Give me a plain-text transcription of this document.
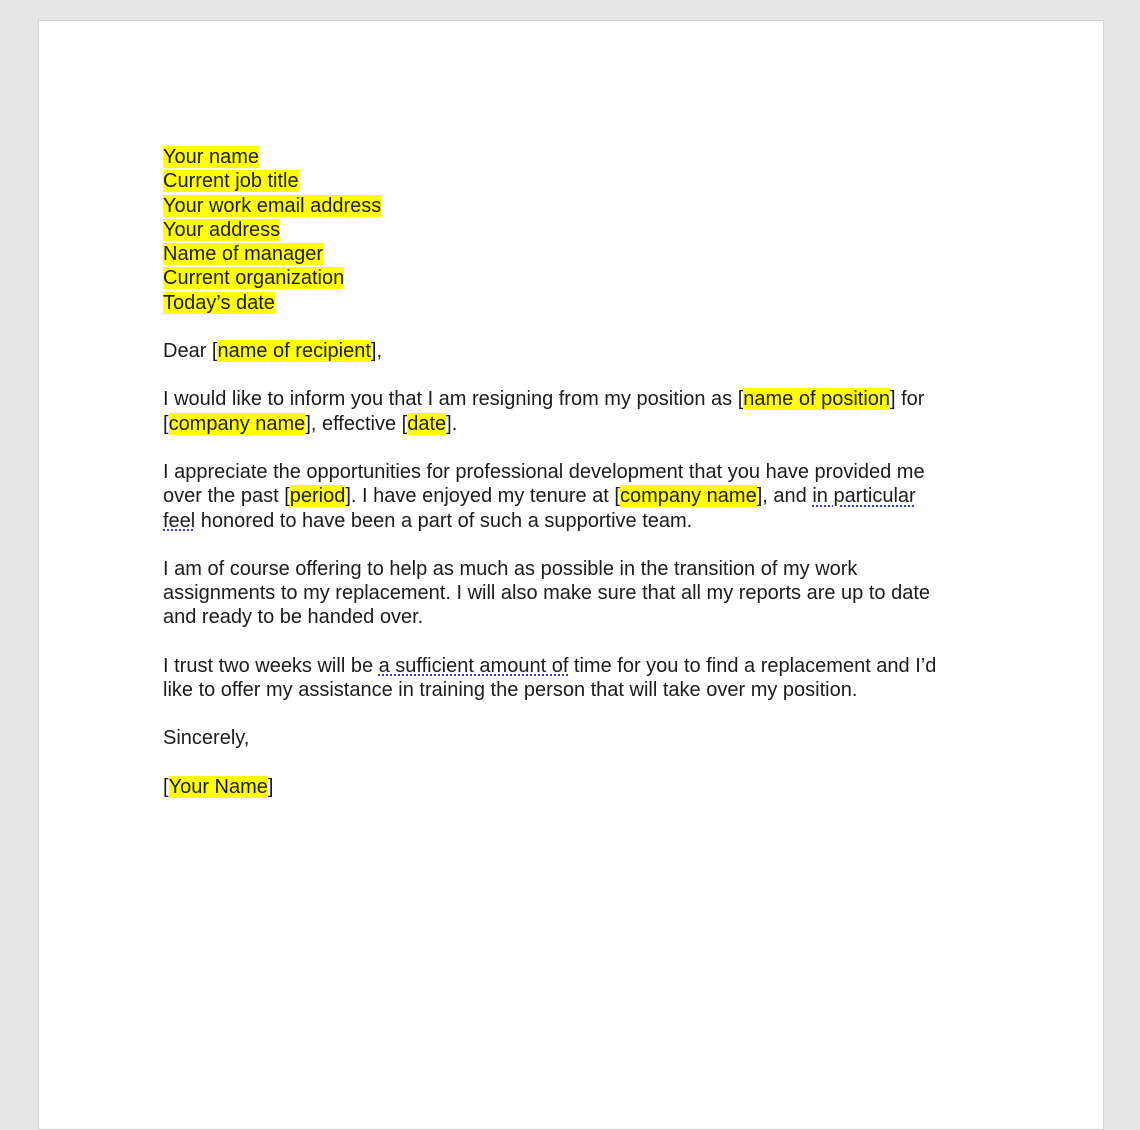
Your name
Current job title
Your work email address
Your address
Name of manager
Current organization
Today’s date
Dear [name of recipient],
I would like to inform you that I am resigning from my position as [name of position] for
[company name], effective [date].
I appreciate the opportunities for professional development that you have provided me
over the past [period]. I have enjoyed my tenure at [company name], and in particular
feel honored to have been a part of such a supportive team.
I am of course offering to help as much as possible in the transition of my work
assignments to my replacement. I will also make sure that all my reports are up to date
and ready to be handed over.
I trust two weeks will be a sufficient amount of time for you to find a replacement and I’d
like to offer my assistance in training the person that will take over my position.
Sincerely,
[Your Name]
